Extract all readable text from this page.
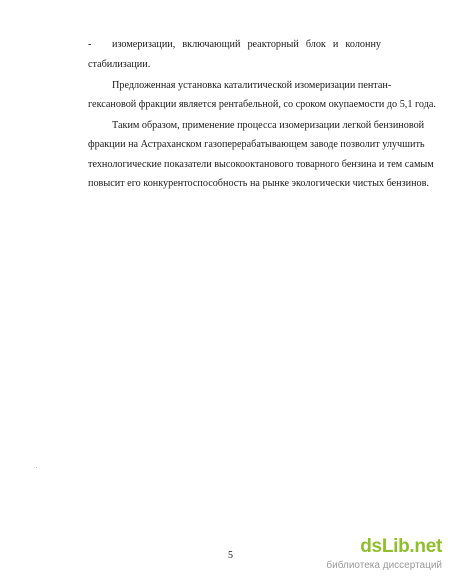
- изомеризации, включающий реакторный блок и колонну
стабилизации.
Предложенная установка каталитической изомеризации пентан-
гексановой фракции является рентабельной, со сроком окупаемости до 5,1 года.
Таким образом, применение процесса изомеризации легкой бензиновой
фракции на Астраханском газоперерабатывающем заводе позволит улучшить
технологические показатели высокооктанового товарного бензина и тем самым
повысит его конкурентоспособность на рынке экологически чистых бензинов.
5	dsLib.net
библиотека диссертаций
